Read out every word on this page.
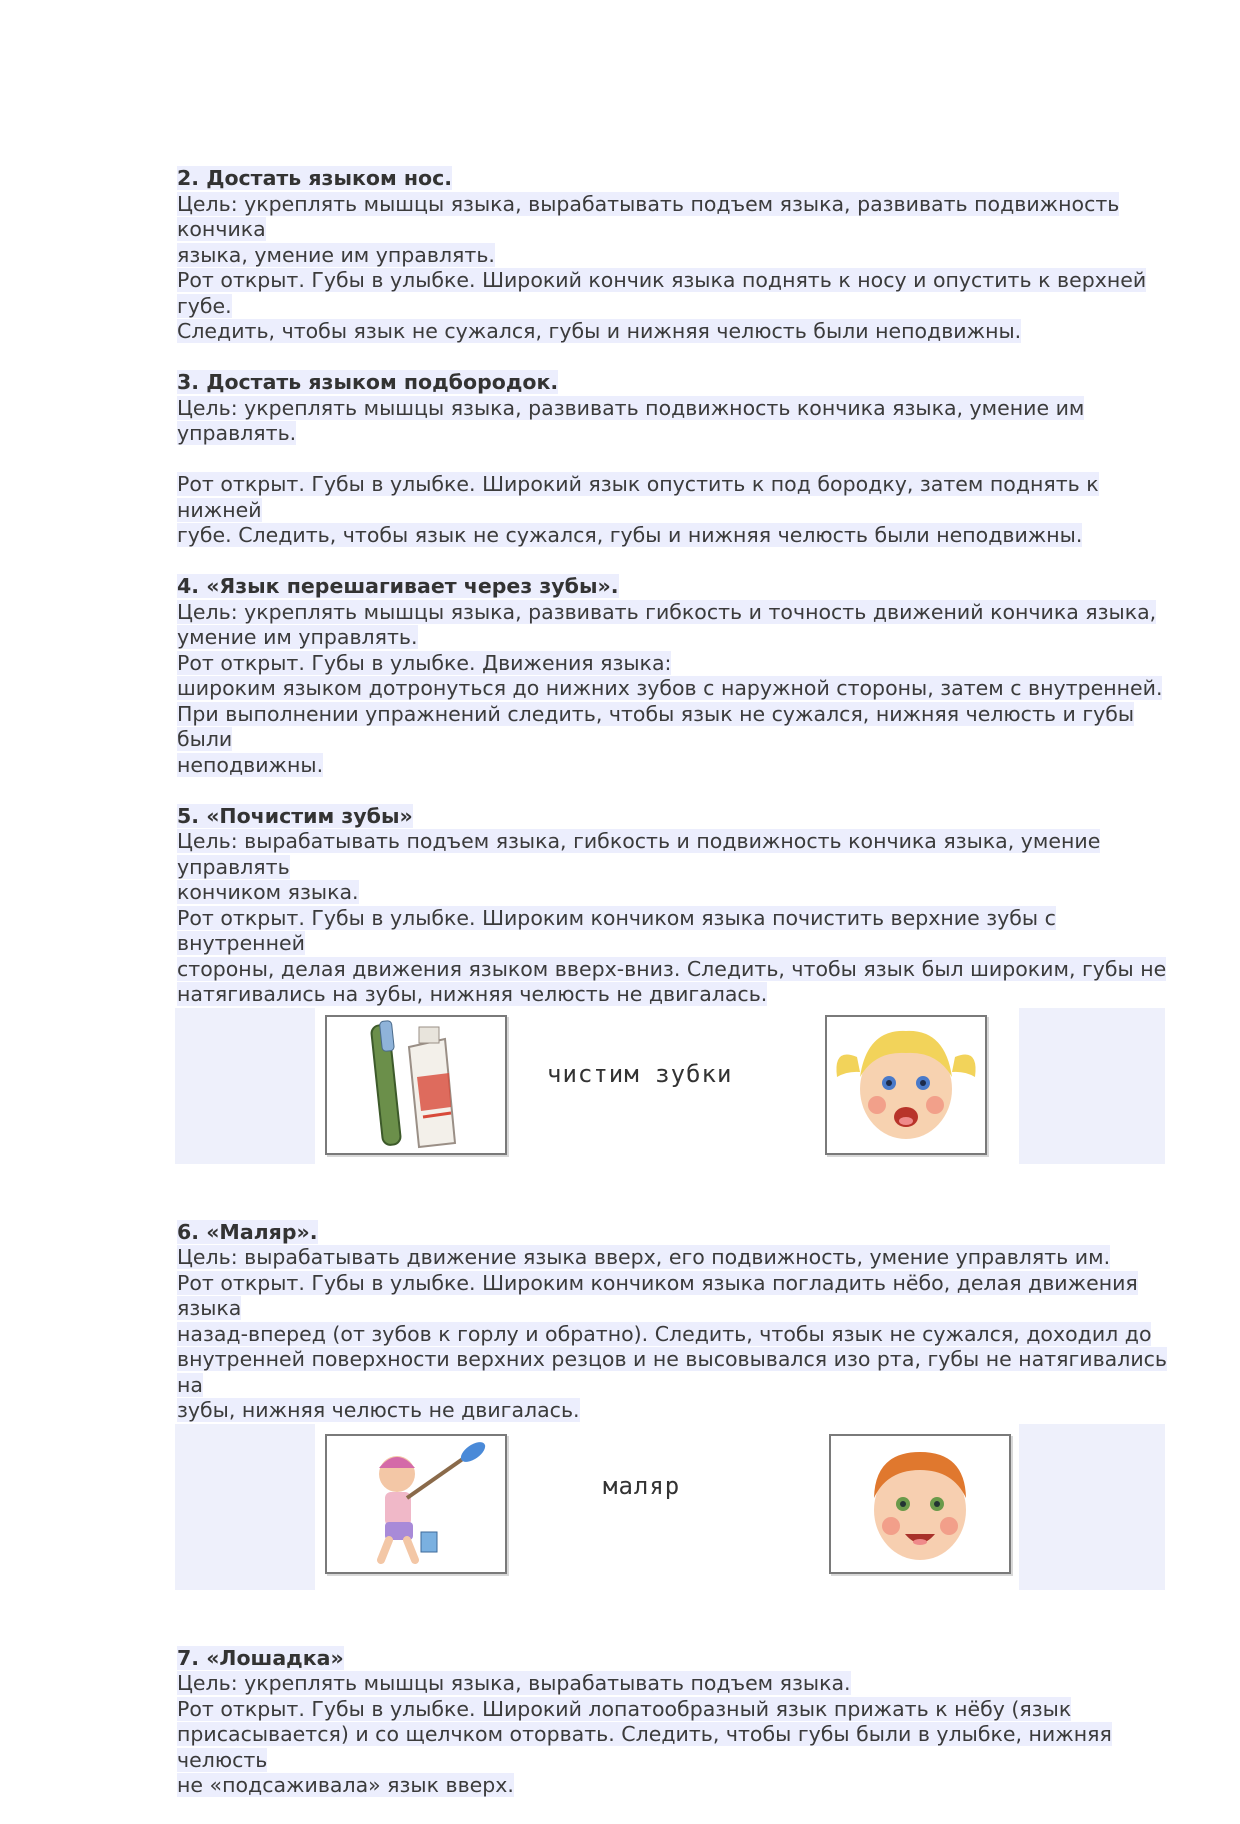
2. Достать языком нос.
Цель: укреплять мышцы языка, вырабатывать подъем языка, развивать подвижность кончика
языка, умение им управлять.
Рот открыт. Губы в улыбке. Широкий кончик языка поднять к носу и опустить к верхней губе.
Следить, чтобы язык не сужался, губы и нижняя челюсть были неподвижны.
3. Достать языком подбородок.
Цель: укреплять мышцы языка, развивать подвижность кончика языка, умение им управлять.

Рот открыт. Губы в улыбке. Широкий язык опустить к под бородку, затем поднять к нижней
губе. Следить, чтобы язык не сужался, губы и нижняя челюсть были неподвижны.
4. «Язык перешагивает через зубы».
Цель: укреплять мышцы языка, развивать гибкость и точность движений кончика языка,
умение им управлять.
Рот открыт. Губы в улыбке. Движения языка:
широким языком дотронуться до нижних зубов с наружной стороны, затем с внутренней.
При выполнении упражнений следить, чтобы язык не сужался, нижняя челюсть и губы были
неподвижны.
5. «Почистим зубы»
Цель: вырабатывать подъем языка, гибкость и подвижность кончика языка, умение управлять
кончиком языка.
Рот открыт. Губы в улыбке. Широким кончиком языка почистить верхние зубы с внутренней
стороны, делая движения языком вверх-вниз. Следить, чтобы язык был широким, губы не
натягивались на зубы, нижняя челюсть не двигалась.
чистим зубки
6. «Маляр».
Цель: вырабатывать движение языка вверх, его подвижность, умение управлять им.
Рот открыт. Губы в улыбке. Широким кончиком языка погладить нёбо, делая движения языка
назад-вперед (от зубов к горлу и обратно). Следить, чтобы язык не сужался, доходил до
внутренней поверхности верхних резцов и не высовывался изо рта, губы не натягивались на
зубы, нижняя челюсть не двигалась.
маляр
7. «Лошадка»
Цель: укреплять мышцы языка, вырабатывать подъем языка.
Рот открыт. Губы в улыбке. Широкий лопатообразный язык прижать к нёбу (язык
присасывается) и со щелчком оторвать. Следить, чтобы губы были в улыбке, нижняя челюсть
не «подсаживала» язык вверх.
